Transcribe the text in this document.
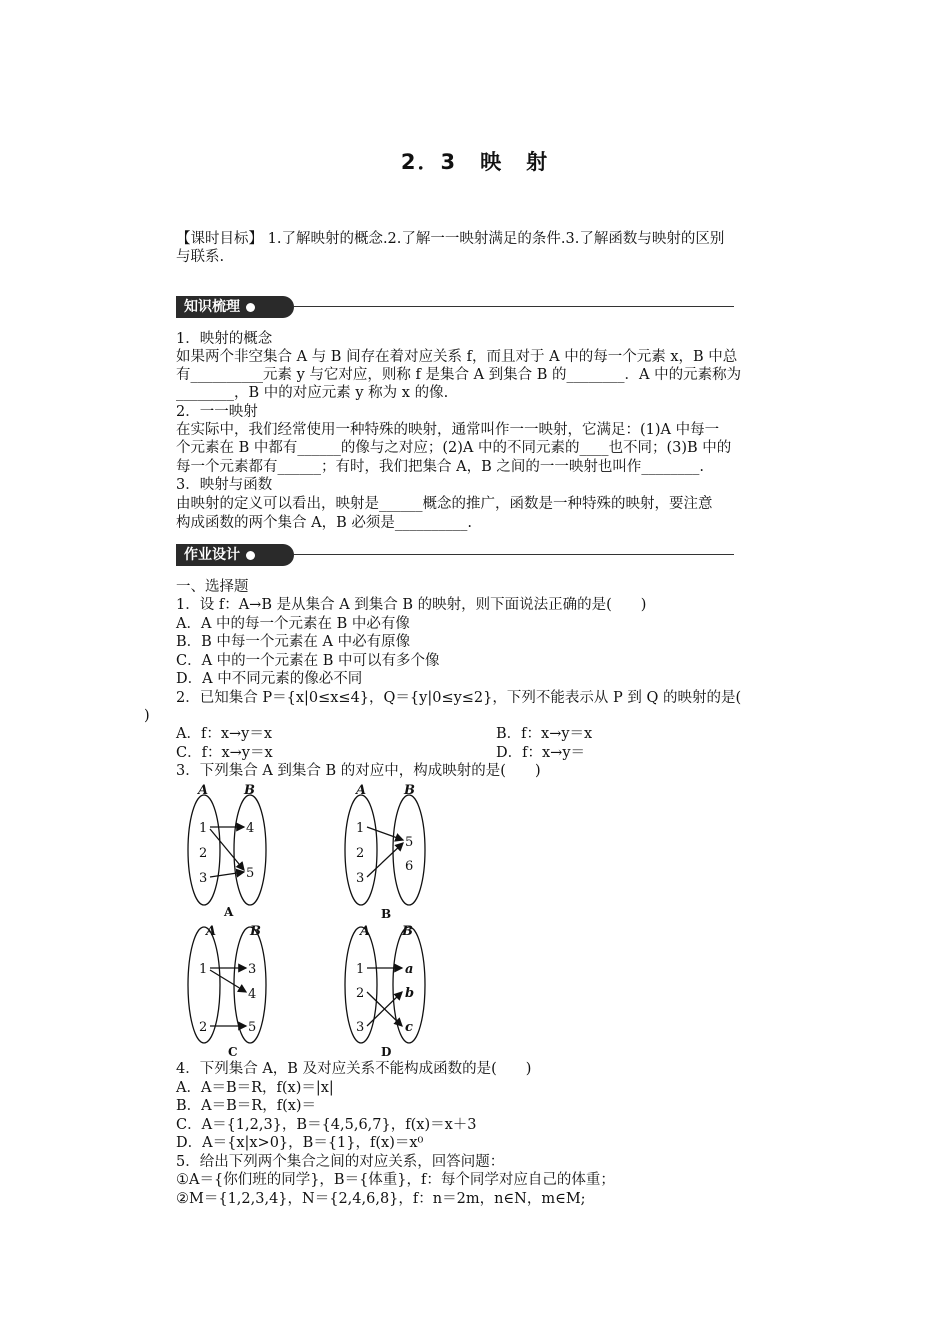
2．3　映　射
【课时目标】 1.了解映射的概念.2.了解一一映射满足的条件.3.了解函数与映射的区别
与联系.
知识梳理
1．映射的概念
如果两个非空集合 A 与 B 间存在着对应关系 f，而且对于 A 中的每一个元素 x，B 中总
有__________元素 y 与它对应，则称 f 是集合 A 到集合 B 的________．A 中的元素称为
________，B 中的对应元素 y 称为 x 的像.
2．一一映射
在实际中，我们经常使用一种特殊的映射，通常叫作一一映射，它满足：(1)A 中每一
个元素在 B 中都有______的像与之对应；(2)A 中的不同元素的____也不同；(3)B 中的
每一个元素都有______；有时，我们把集合 A，B 之间的一一映射也叫作________.
3．映射与函数
由映射的定义可以看出，映射是______概念的推广，函数是一种特殊的映射，要注意
构成函数的两个集合 A，B 必须是__________.
作业设计
一、选择题
1．设 f：A→B 是从集合 A 到集合 B 的映射，则下面说法正确的是(　　)
A．A 中的每一个元素在 B 中必有像
B．B 中每一个元素在 A 中必有原像
C．A 中的一个元素在 B 中可以有多个像
D．A 中不同元素的像必不同
2．已知集合 P＝{x|0≤x≤4}，Q＝{y|0≤y≤2}，下列不能表示从 P 到 Q 的映射的是(
)
A．f：x→y＝x	B．f：x→y＝x
C．f：x→y＝x	D．f：x→y＝
3．下列集合 A 到集合 B 的对应中，构成映射的是(　　)
A	B
1
2
3
4
5
A
A	B
1
2
3
5
6
B
A	B
1
2
3
4
5
C
A B
1
2
3
a
b
c
D
4．下列集合 A，B 及对应关系不能构成函数的是(　　)
A．A＝B＝R，f(x)＝|x|
B．A＝B＝R，f(x)＝
C．A＝{1,2,3}，B＝{4,5,6,7}，f(x)＝x＋3
D．A＝{x|x>0}，B＝{1}，f(x)＝x⁰
5．给出下列两个集合之间的对应关系，回答问题：
①A＝{你们班的同学}，B＝{体重}，f：每个同学对应自己的体重；
②M＝{1,2,3,4}，N＝{2,4,6,8}，f：n＝2m，n∈N，m∈M;
